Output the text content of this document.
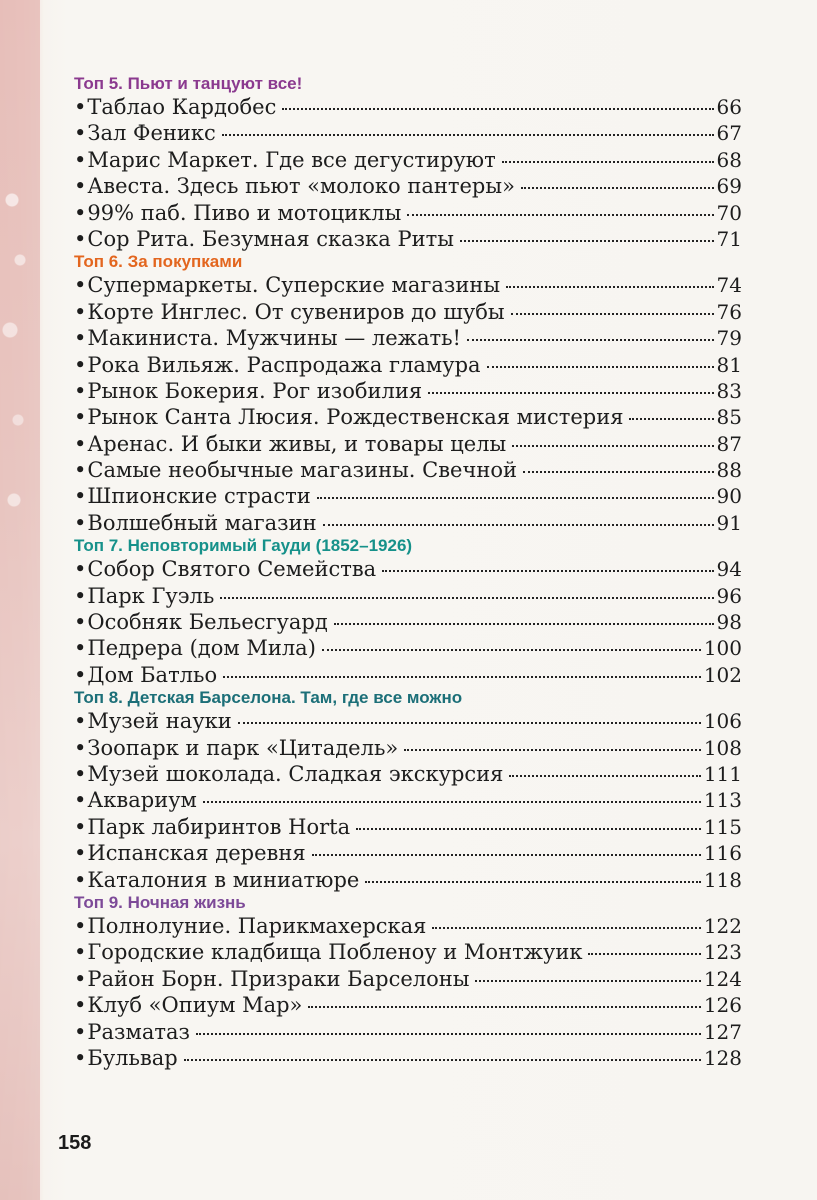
Топ 5. Пьют и танцуют все!
• Таблао Кардобес	66
• Зал Феникс	67
• Марис Маркет. Где все дегустируют	68
• Авеста. Здесь пьют «молоко пантеры»	69
• 99% паб. Пиво и мотоциклы	70
• Сор Рита. Безумная сказка Риты	71
Топ 6. За покупками
• Супермаркеты. Суперские магазины	74
• Корте Инглес. От сувениров до шубы	76
• Макиниста. Мужчины — лежать!	79
• Рока Вильяж. Распродажа гламура	81
• Рынок Бокерия. Рог изобилия	83
• Рынок Санта Люсия. Рождественская мистерия	85
• Аренас. И быки живы, и товары целы	87
• Самые необычные магазины. Свечной	88
• Шпионские страсти	90
• Волшебный магазин	91
Топ 7. Неповторимый Гауди (1852–1926)
• Собор Святого Семейства	94
• Парк Гуэль	96
• Особняк Бельесгуард	98
• Педрера (дом Мила)	100
• Дом Батльо	102
Топ 8. Детская Барселона. Там, где все можно
• Музей науки	106
• Зоопарк и парк «Цитадель»	108
• Музей шоколада. Сладкая экскурсия	111
• Аквариум	113
• Парк лабиринтов Horta	115
• Испанская деревня	116
• Каталония в миниатюре	118
Топ 9. Ночная жизнь
• Полнолуние. Парикмахерская	122
• Городские кладбища Побленоу и Монтжуик	123
• Район Борн. Призраки Барселоны	124
• Клуб «Опиум Мар»	126
• Разматаз	127
• Бульвар	128
158
